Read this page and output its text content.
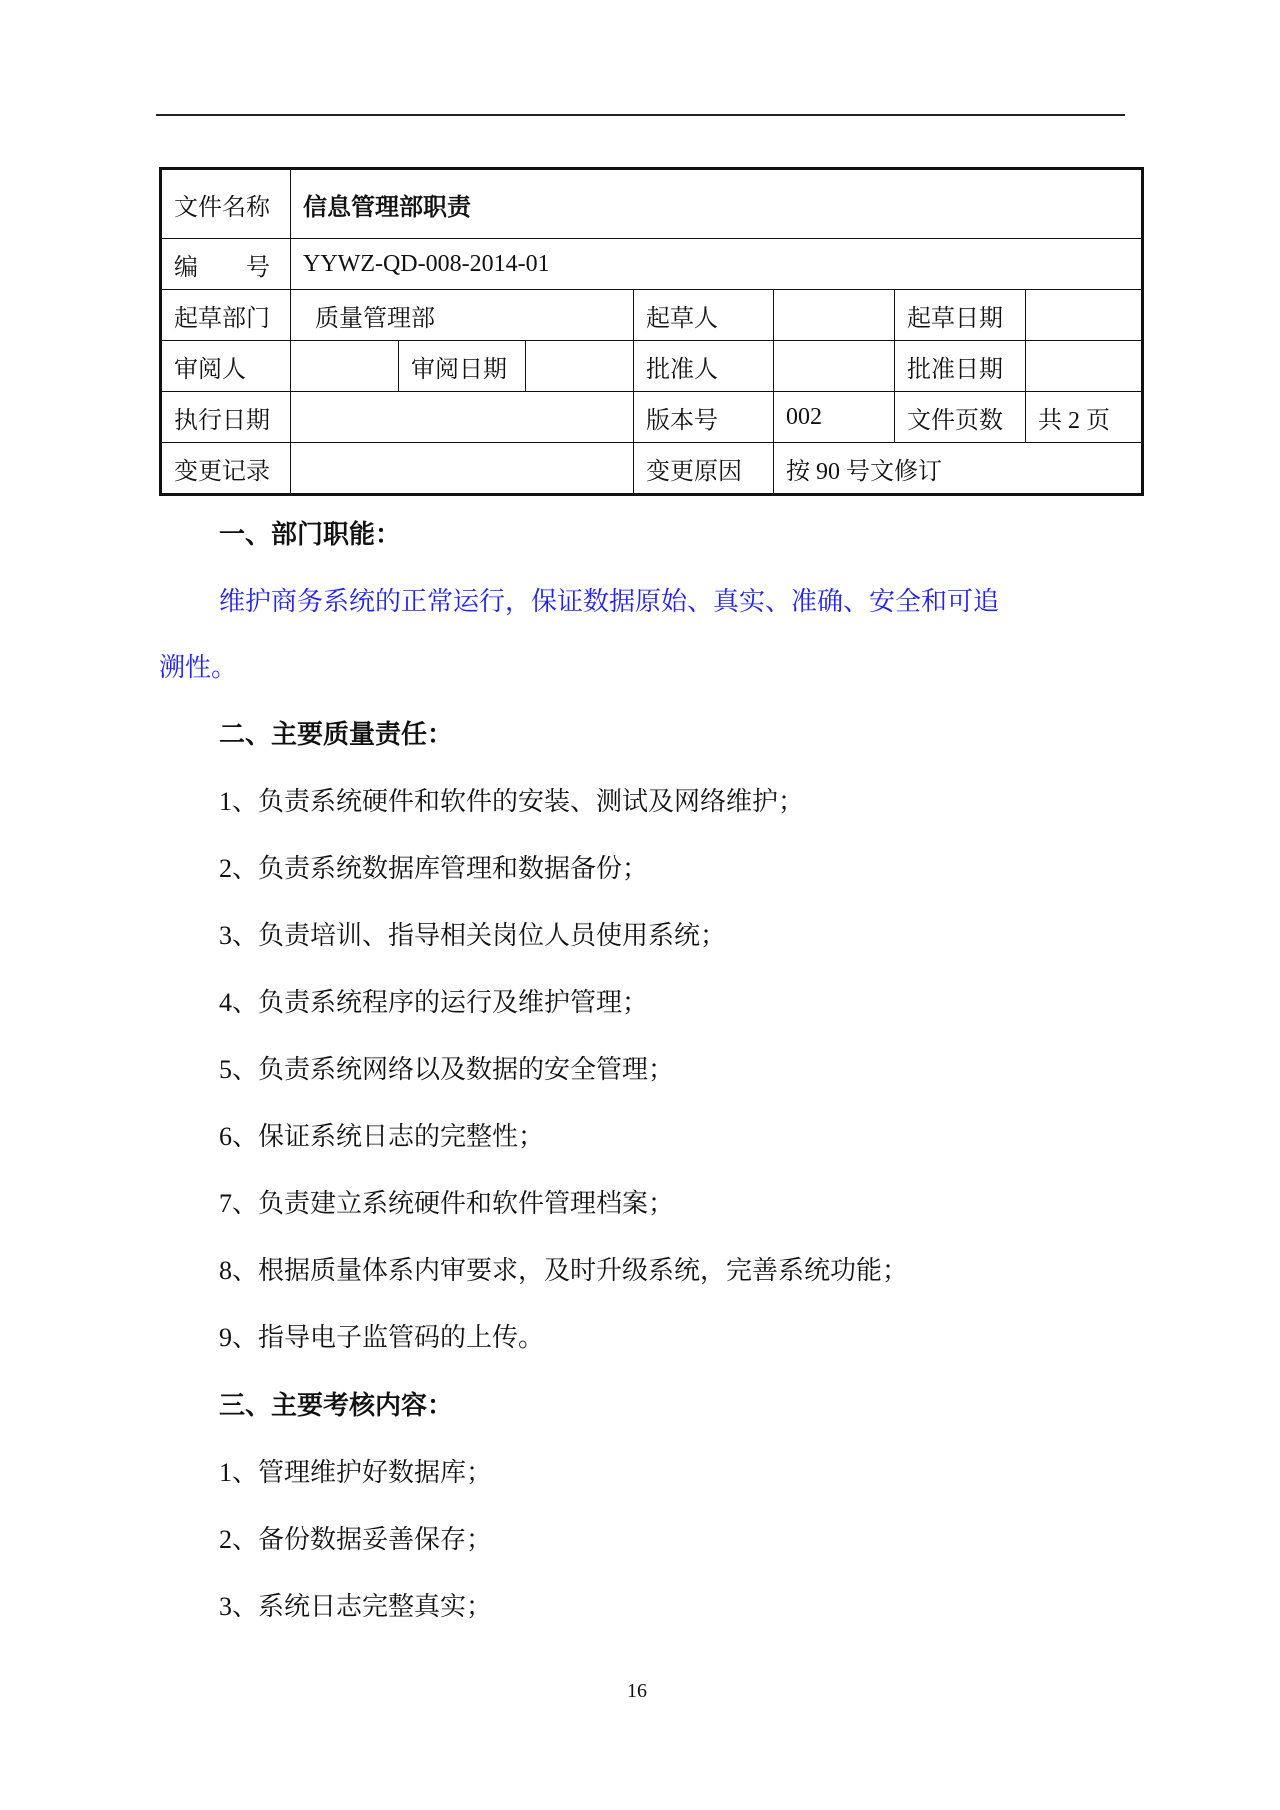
文件名称	信息管理部职责						
编　　号	YYWZ-QD-008-2014-01						
起草部门	质量管理部			起草人		起草日期	
审阅人		审阅日期		批准人		批准日期	
执行日期				版本号	002	文件页数	共 2 页
变更记录				变更原因	按 90 号文修订		
一、部门职能：
维护商务系统的正常运行，保证数据原始、真实、准确、安全和可追
溯性。
二、主要质量责任：
1、负责系统硬件和软件的安装、测试及网络维护；
2、负责系统数据库管理和数据备份；
3、负责培训、指导相关岗位人员使用系统；
4、负责系统程序的运行及维护管理；
5、负责系统网络以及数据的安全管理；
6、保证系统日志的完整性；
7、负责建立系统硬件和软件管理档案；
8、根据质量体系内审要求，及时升级系统，完善系统功能；
9、指导电子监管码的上传。
三、主要考核内容：
1、管理维护好数据库；
2、备份数据妥善保存；
3、系统日志完整真实；
16
